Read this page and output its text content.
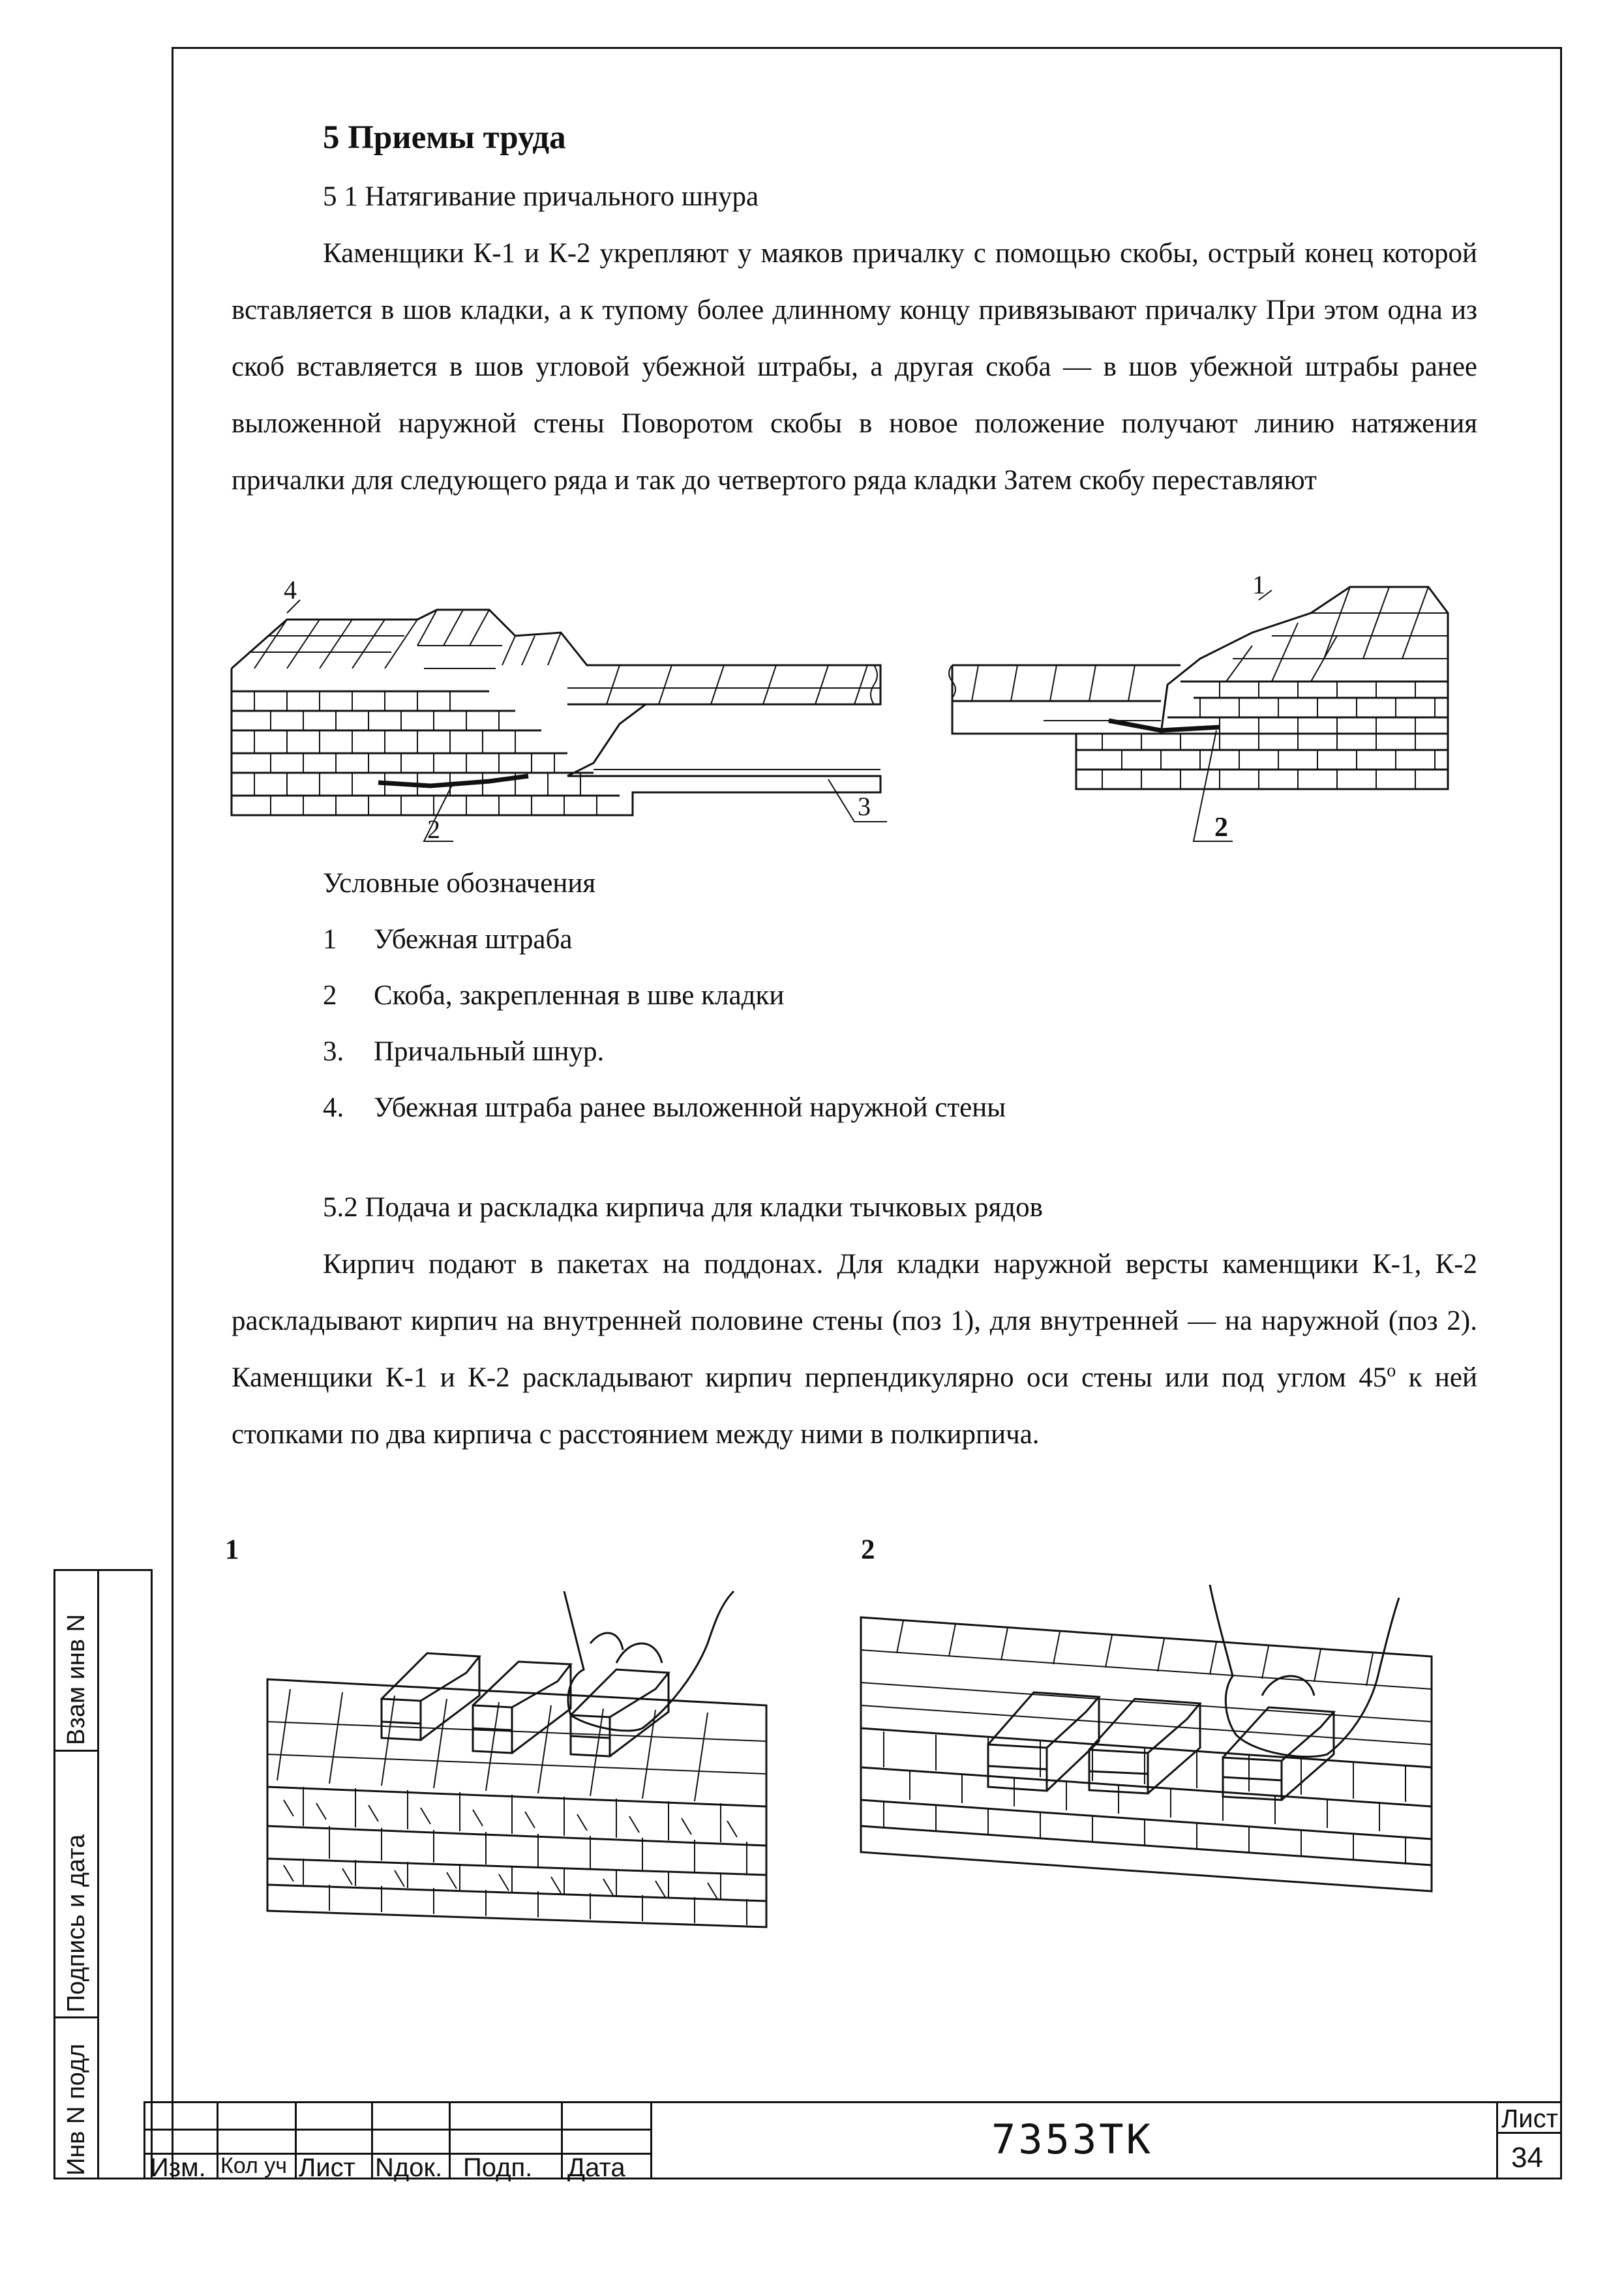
5 Приемы труда
5 1 Натягивание причального шнура

Каменщики К-1 и К-2 укрепляют у маяков причалку с помощью скобы, острый конец которой вставляется в шов кладки, а к тупому более длинному концу привязывают причалку При этом одна из скоб вставляется в шов угловой убежной штрабы, а другая скоба — в шов убежной штрабы ранее выложенной наружной стены Поворотом скобы в новое положение получают линию натяжения причалки для следующего ряда и так до четвертого ряда кладки Затем скобу переставляют

4
2
3
1
2
Условные обозначения
1 Убежная штраба
2 Скоба, закрепленная в шве кладки
3. Причальный шнур.
4. Убежная штраба ранее выложенной наружной стены
5.2 Подача и раскладка кирпича для кладки тычковых рядов

Кирпич подают в пакетах на поддонах. Для кладки наружной версты каменщики К-1, К-2 раскладывают кирпич на внутренней половине стены (поз 1), для внутренней — на наружной (поз 2). Каменщики К-1 и К-2 раскладывают кирпич перпендикулярно оси стены или под углом 45$^o$ к ней стопками по два кирпича с расстоянием между ними в полкирпича.

1	2
Взам инв N
Подпись и дата
Инв N подл Изм. Кол уч Лист Nдок. Подп. Дата
7353ТК	Лист
34
